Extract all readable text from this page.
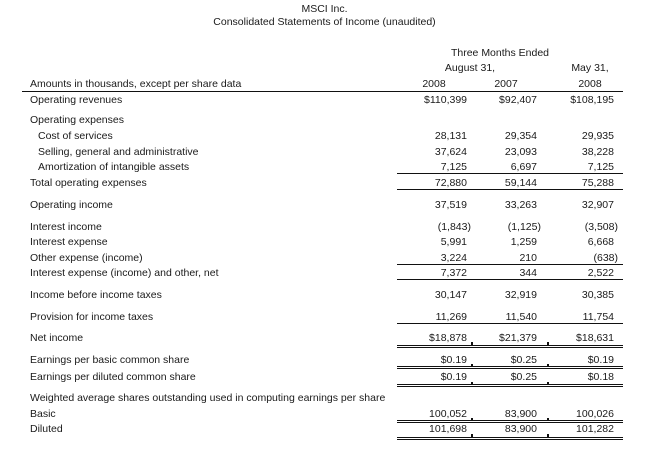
MSCI Inc.
Consolidated Statements of Income (unaudited)
Three Months Ended
August 31,	May 31,
Amounts in thousands, except per share data	2008	2007	2008
Operating revenues	$110,399	$92,407	$108,195
Operating expenses
Cost of services	28,131	29,354	29,935
Selling, general and administrative	37,624	23,093	38,228
Amortization of intangible assets	7,125	6,697	7,125
Total operating expenses	72,880	59,144	75,288
Operating income	37,519	33,263	32,907
Interest income	(1,843)	(1,125)	(3,508)
Interest expense	5,991	1,259	6,668
Other expense (income)	3,224	210	(638)
Interest expense (income) and other, net	7,372	344	2,522
Income before income taxes	30,147	32,919	30,385
Provision for income taxes	11,269	11,540	11,754
Net income	$18,878	$21,379	$18,631
Earnings per basic common share	$0.19	$0.25	$0.19
Earnings per diluted common share	$0.19	$0.25	$0.18
Weighted average shares outstanding used in computing earnings per share
Basic	100,052	83,900	100,026
Diluted	101,698	83,900	101,282
